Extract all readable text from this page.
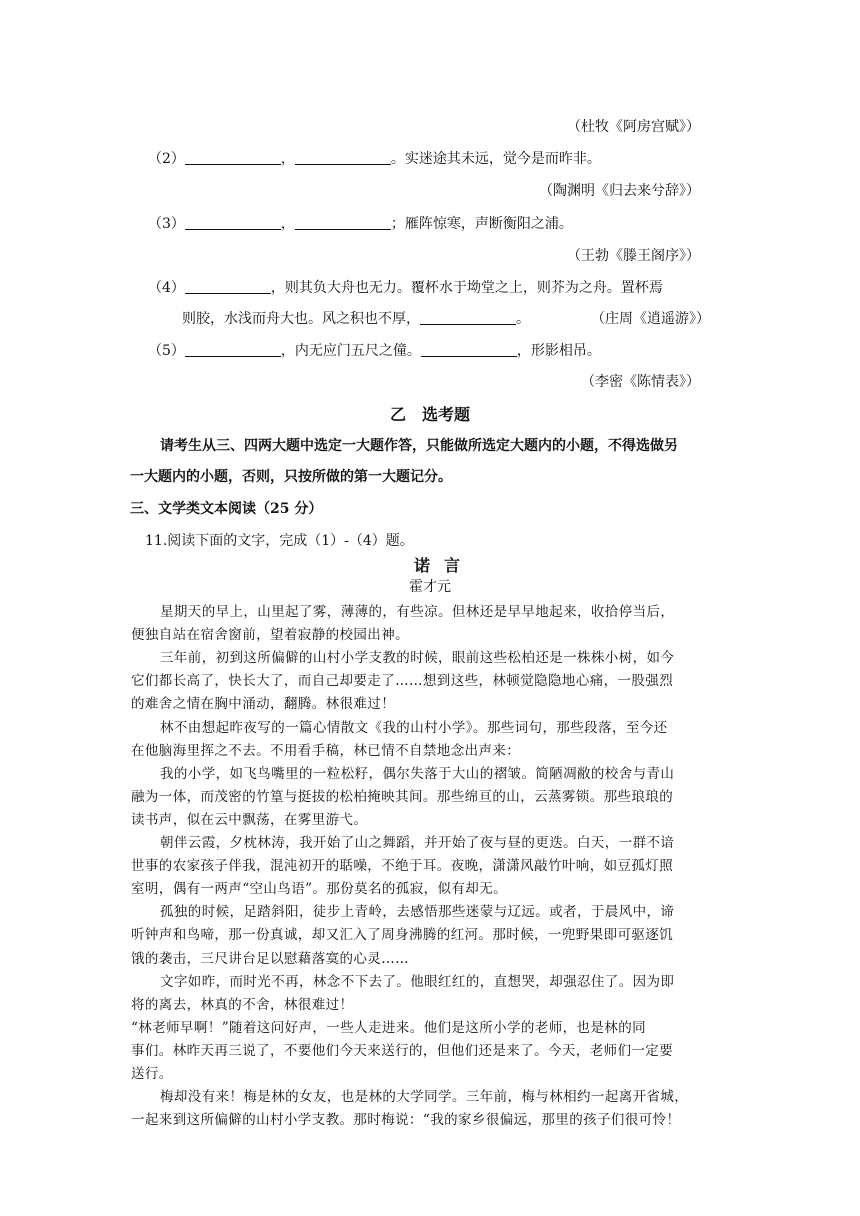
（杜牧《阿房宫赋》）
（2）	，	。实迷途其未远，觉今是而昨非。
（陶渊明《归去来兮辞》）
（3）	，	；雁阵惊寒，声断衡阳之浦。
（王勃《滕王阁序》）
（4）	，则其负大舟也无力。覆杯水于坳堂之上，则芥为之舟。置杯焉
则胶，水浅而舟大也。风之积也不厚，	。	（庄周《逍遥游》）
（5）	，内无应门五尺之僮。	，形影相吊。
（李密《陈情表》）
乙　选考题
请考生从三、四两大题中选定一大题作答，只能做所选定大题内的小题，不得选做另
一大题内的小题，否则，只按所做的第一大题记分。
三、文学类文本阅读（25 分）
11.阅读下面的文字，完成（1）-（4）题。
诺言
霍才元
星期天的早上，山里起了雾，薄薄的，有些凉。但林还是早早地起来，收拾停当后，
便独自站在宿舍窗前，望着寂静的校园出神。
三年前，初到这所偏僻的山村小学支教的时候，眼前这些松柏还是一株株小树，如今
它们都长高了，快长大了，而自己却要走了……想到这些，林顿觉隐隐地心痛，一股强烈
的难舍之情在胸中涌动，翻腾。林很难过！
林不由想起昨夜写的一篇心情散文《我的山村小学》。那些词句，那些段落，至今还
在他脑海里挥之不去。不用看手稿，林已情不自禁地念出声来：
我的小学，如飞鸟嘴里的一粒松籽，偶尔失落于大山的褶皱。简陋凋敝的校舍与青山
融为一体，而茂密的竹篁与挺拔的松柏掩映其间。那些绵亘的山，云蒸雾锁。那些琅琅的
读书声，似在云中飘荡，在雾里游弋。
朝伴云霞，夕枕林涛，我开始了山之舞蹈，并开始了夜与昼的更迭。白天，一群不谙
世事的农家孩子伴我，混沌初开的聒噪，不绝于耳。夜晚，潇潇风敲竹叶响，如豆孤灯照
室明，偶有一两声“空山鸟语”。那份莫名的孤寂，似有却无。
孤独的时候，足踏斜阳，徒步上青岭，去感悟那些迷蒙与辽远。或者，于晨风中，谛
听钟声和鸟啼，那一份真诚，却又汇入了周身沸腾的红河。那时候，一兜野果即可驱逐饥
饿的袭击，三尺讲台足以慰藉落寞的心灵……
文字如昨，而时光不再，林念不下去了。他眼红红的，直想哭，却强忍住了。因为即
将的离去，林真的不舍，林很难过！
“林老师早啊！”随着这问好声，一些人走进来。他们是这所小学的老师，也是林的同
事们。林昨天再三说了，不要他们今天来送行的，但他们还是来了。今天，老师们一定要
送行。
梅却没有来！梅是林的女友，也是林的大学同学。三年前，梅与林相约一起离开省城，
一起来到这所偏僻的山村小学支教。那时梅说：“我的家乡很偏远，那里的孩子们很可怜！
